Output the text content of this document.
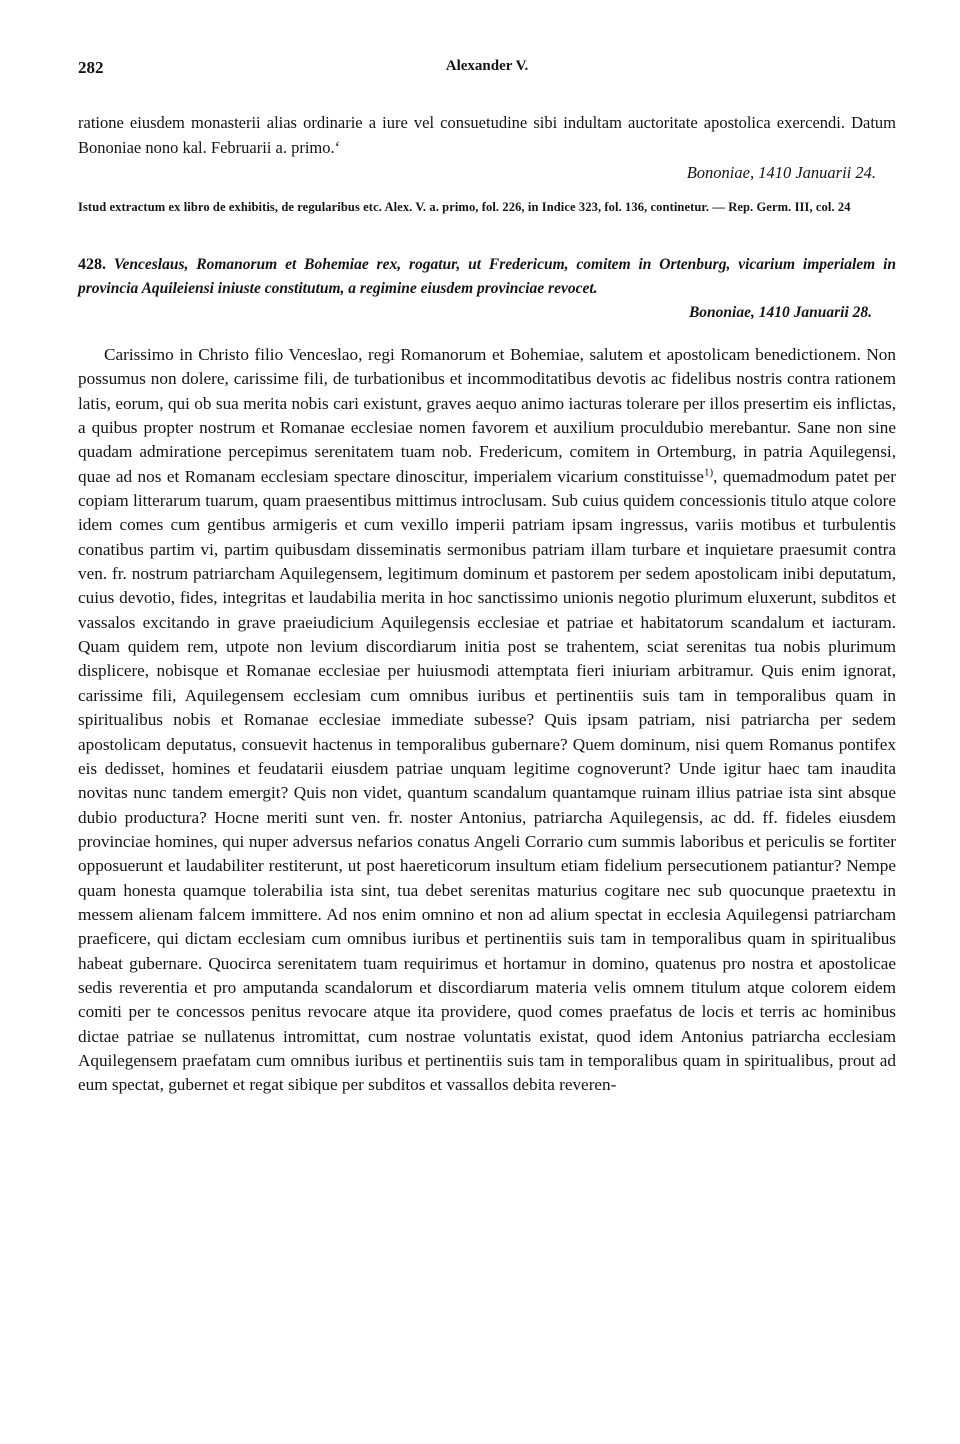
282	Alexander V.

ratione eiusdem monasterii alias ordinarie a iure vel consuetudine sibi indultam auctoritate apostolica exercendi. Datum Bononiae nono kal. Februarii a. primo.‘

Bononiae, 1410 Januarii 24.

Istud extractum ex libro de exhibitis, de regularibus etc. Alex. V. a. primo, fol. 226, in Indice 323, fol. 136, continetur. — Rep. Germ. III, col. 24

428. Venceslaus, Romanorum et Bohemiae rex, rogatur, ut Fredericum, comitem in Ortenburg, vicarium imperialem in provincia Aquileiensi iniuste constitutum, a regimine eiusdem provinciae revocet.

Bononiae, 1410 Januarii 28.

Carissimo in Christo filio Venceslao, regi Romanorum et Bohemiae, salutem et apostolicam benedictionem. Non possumus non dolere, carissime fili, de turbationibus et incommoditatibus devotis ac fidelibus nostris contra rationem latis, eorum, qui ob sua merita nobis cari existunt, graves aequo animo iacturas tolerare per illos presertim eis inflictas, a quibus propter nostrum et Romanae ecclesiae nomen favorem et auxilium proculdubio merebantur. Sane non sine quadam admiratione percepimus serenitatem tuam nob. Fredericum, comitem in Ortemburg, in patria Aquilegensi, quae ad nos et Romanam ecclesiam spectare dinoscitur, imperialem vicarium constituisse$^{1)}$, quemadmodum patet per copiam litterarum tuarum, quam praesentibus mittimus introclusam. Sub cuius quidem concessionis titulo atque colore idem comes cum gentibus armigeris et cum vexillo imperii patriam ipsam ingressus, variis motibus et turbulentis conatibus partim vi, partim quibusdam disseminatis sermonibus patriam illam turbare et inquietare praesumit contra ven. fr. nostrum patriarcham Aquilegensem, legitimum dominum et pastorem per sedem apostolicam inibi deputatum, cuius devotio, fides, integritas et laudabilia merita in hoc sanctissimo unionis negotio plurimum eluxerunt, subditos et vassalos excitando in grave praeiudicium Aquilegensis ecclesiae et patriae et habitatorum scandalum et iacturam. Quam quidem rem, utpote non levium discordiarum initia post se trahentem, sciat serenitas tua nobis plurimum displicere, nobisque et Romanae ecclesiae per huiusmodi attemptata fieri iniuriam arbitramur. Quis enim ignorat, carissime fili, Aquilegensem ecclesiam cum omnibus iuribus et pertinentiis suis tam in temporalibus quam in spiritualibus nobis et Romanae ecclesiae immediate subesse? Quis ipsam patriam, nisi patriarcha per sedem apostolicam deputatus, consuevit hactenus in temporalibus gubernare? Quem dominum, nisi quem Romanus pontifex eis dedisset, homines et feudatarii eiusdem patriae unquam legitime cognoverunt? Unde igitur haec tam inaudita novitas nunc tandem emergit? Quis non videt, quantum scandalum quantamque ruinam illius patriae ista sint absque dubio productura? Hocne meriti sunt ven. fr. noster Antonius, patriarcha Aquilegensis, ac dd. ff. fideles eiusdem provinciae homines, qui nuper adversus nefarios conatus Angeli Corrario cum summis laboribus et periculis se fortiter opposuerunt et laudabiliter restiterunt, ut post haereticorum insultum etiam fidelium persecutionem patiantur? Nempe quam honesta quamque tolerabilia ista sint, tua debet serenitas maturius cogitare nec sub quocunque praetextu in messem alienam falcem immittere. Ad nos enim omnino et non ad alium spectat in ecclesia Aquilegensi patriarcham praeficere, qui dictam ecclesiam cum omnibus iuribus et pertinentiis suis tam in temporalibus quam in spiritualibus habeat gubernare. Quocirca serenitatem tuam requirimus et hortamur in domino, quatenus pro nostra et apostolicae sedis reverentia et pro amputanda scandalorum et discordiarum materia velis omnem titulum atque colorem eidem comiti per te concessos penitus revocare atque ita providere, quod comes praefatus de locis et terris ac hominibus dictae patriae se nullatenus intromittat, cum nostrae voluntatis existat, quod idem Antonius patriarcha ecclesiam Aquilegensem praefatam cum omnibus iuribus et pertinentiis suis tam in temporalibus quam in spiritualibus, prout ad eum spectat, gubernet et regat sibique per subditos et vassallos debita reveren-
